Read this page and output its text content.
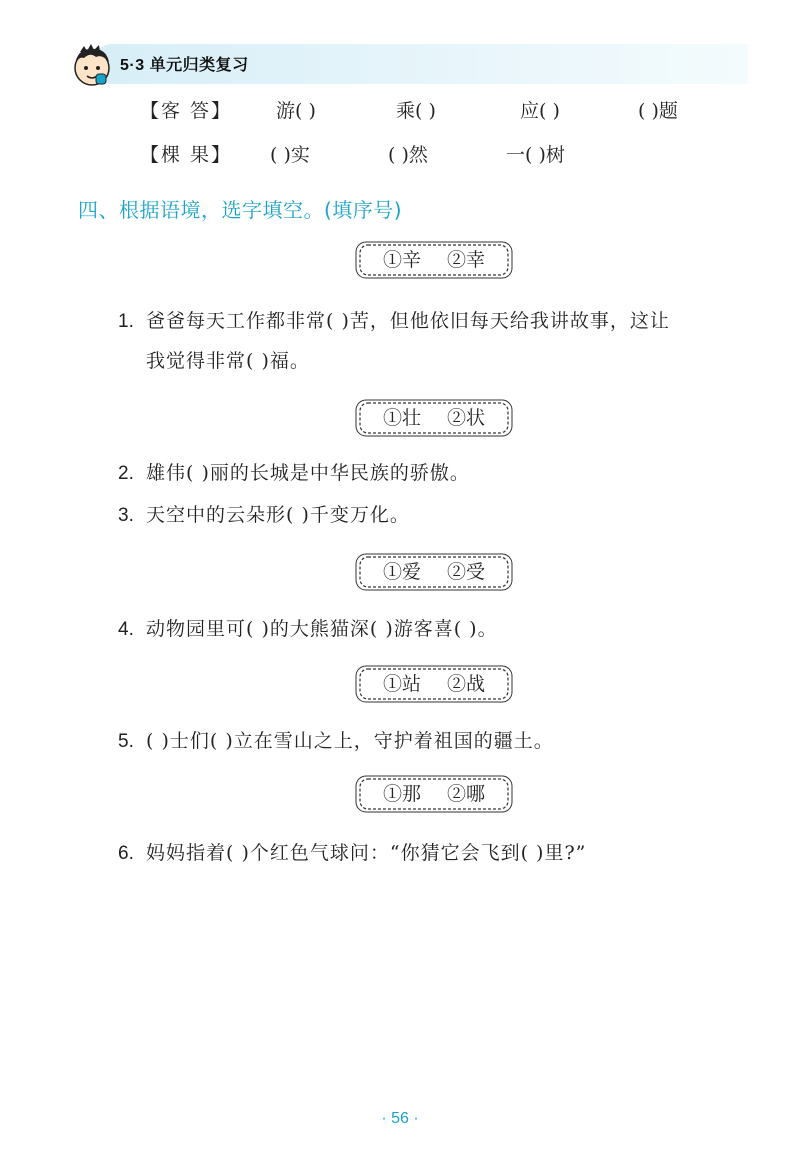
5·3 单元归类复习
【客 答】 游( )	乘( )	应( )	( )题
【棵 果】 ( )实	( )然	一( )树
四、根据语境，选字填空。(填序号)
①辛 ②幸
1. 爸爸每天工作都非常( )苦，但他依旧每天给我讲故事，这让
我觉得非常( )福。
①壮 ②状
2. 雄伟( )丽的长城是中华民族的骄傲。
3. 天空中的云朵形( )千变万化。
①爱 ②受
4. 动物园里可( )的大熊猫深( )游客喜( )。
①站 ②战
5. ( )士们( )立在雪山之上，守护着祖国的疆土。
①那 ②哪
6. 妈妈指着( )个红色气球问：“你猜它会飞到( )里?”
· 56 ·
